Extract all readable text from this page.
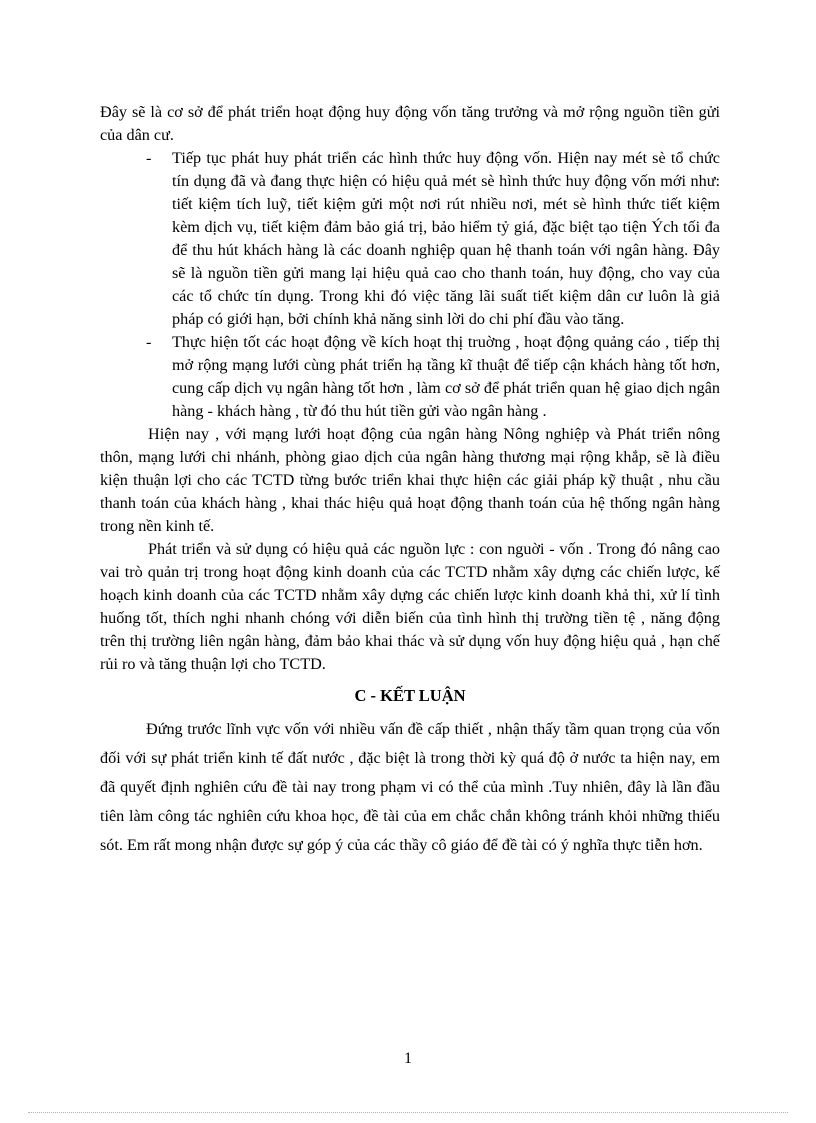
Đây sẽ là cơ sở để phát triển hoạt động huy động vốn tăng trưởng và mở rộng nguồn tiền gửi của dân cư.

- Tiếp tục phát huy phát triển các hình thức huy động vốn. Hiện nay mét sè tổ chức tín dụng đã và đang thực hiện có hiệu quả mét sè hình thức huy động vốn mới như: tiết kiệm tích luỹ, tiết kiệm gửi một nơi rút nhiều nơi, mét sè hình thức tiết kiệm kèm dịch vụ, tiết kiệm đảm bảo giá trị, bảo hiểm tỷ giá, đặc biệt tạo tiện Ých tối đa để thu hút khách hàng là các doanh nghiệp quan hệ thanh toán với ngân hàng. Đây sẽ là nguồn tiền gửi mang lại hiệu quả cao cho thanh toán, huy động, cho vay của các tổ chức tín dụng. Trong khi đó việc tăng lãi suất tiết kiệm dân cư luôn là giả pháp có giới hạn, bởi chính khả năng sinh lời do chi phí đầu vào tăng.
- Thực hiện tốt các hoạt động về kích hoạt thị truờng , hoạt động quảng cáo , tiếp thị mở rộng mạng lưới cùng phát triển hạ tầng kĩ thuật để tiếp cận khách hàng tốt hơn, cung cấp dịch vụ ngân hàng tốt hơn , làm cơ sở để phát triển quan hệ giao dịch ngân hàng - khách hàng , từ đó thu hút tiền gửi vào ngân hàng .

Hiện nay , với mạng lưới hoạt động của ngân hàng Nông nghiệp và Phát triển nông thôn, mạng lưới chi nhánh, phòng giao dịch của ngân hàng thương mại rộng khắp, sẽ là điều kiện thuận lợi cho các TCTD từng bước triển khai thực hiện các giải pháp kỹ thuật , nhu cầu thanh toán của khách hàng , khai thác hiệu quả hoạt động thanh toán của hệ thống ngân hàng trong nền kinh tế.

Phát triển và sử dụng có hiệu quả các nguồn lực : con nguời - vốn . Trong đó nâng cao vai trò quản trị trong hoạt động kinh doanh của các TCTD nhằm xây dựng các chiến lược, kế hoạch kinh doanh của các TCTD nhằm xây dựng các chiến lược kinh doanh khả thi, xử lí tình huống tốt, thích nghi nhanh chóng với diễn biến của tình hình thị trường tiền tệ , năng động trên thị trường liên ngân hàng, đảm bảo khai thác và sử dụng vốn huy động hiệu quả , hạn chế rủi ro và tăng thuận lợi cho TCTD.

C - KẾT LUẬN

Đứng trước lĩnh vực vốn với nhiều vấn đề cấp thiết , nhận thấy tầm quan trọng của vốn đối với sự phát triển kinh tế đất nước , đặc biệt là trong thời kỳ quá độ ở nước ta hiện nay, em đã quyết định nghiên cứu đề tài nay trong phạm vi có thể của mình .Tuy nhiên, đây là lần đầu tiên làm công tác nghiên cứu khoa học, đề tài của em chắc chắn không tránh khỏi những thiếu sót. Em rất mong nhận được sự góp ý của các thầy cô giáo để đề tài có ý nghĩa thực tiễn hơn.

1
